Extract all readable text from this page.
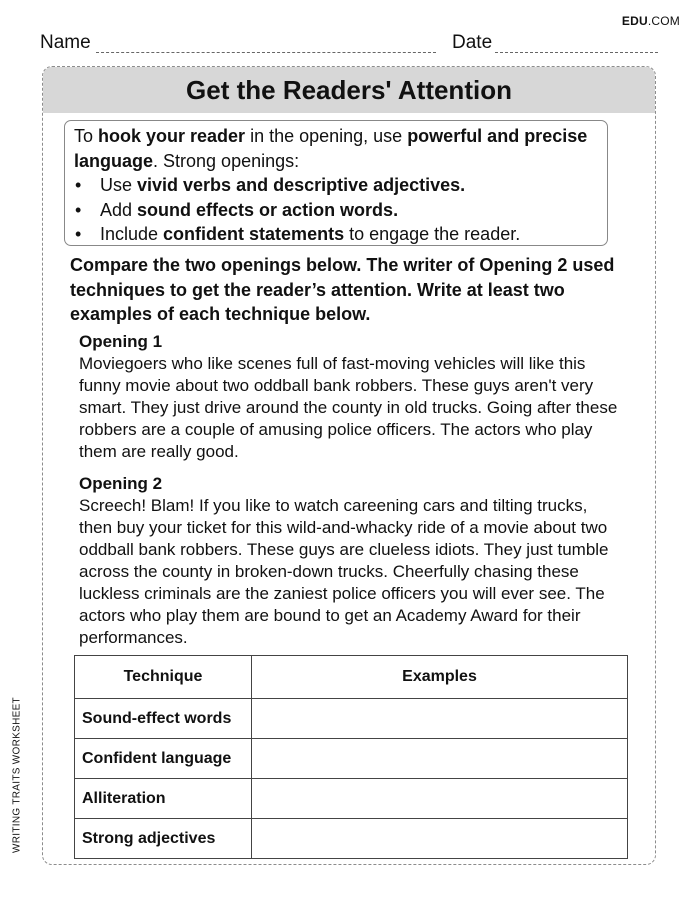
EDU.COM
Name	Date
Get the Readers' Attention
To hook your reader in the opening, use powerful and precise language. Strong openings:
• Use vivid verbs and descriptive adjectives.
• Add sound effects or action words.
• Include confident statements to engage the reader.
Compare the two openings below. The writer of Opening 2 used techniques to get the reader’s attention. Write at least two examples of each technique below.
Opening 1
Moviegoers who like scenes full of fast-moving vehicles will like this funny movie about two oddball bank robbers. These guys aren't very smart. They just drive around the county in old trucks. Going after these robbers are a couple of amusing police officers. The actors who play them are really good.
Opening 2
Screech! Blam! If you like to watch careening cars and tilting trucks, then buy your ticket for this wild-and-whacky ride of a movie about two oddball bank robbers. These guys are clueless idiots. They just tumble across the county in broken-down trucks. Cheerfully chasing these luckless criminals are the zaniest police officers you will ever see. The actors who play them are bound to get an Academy Award for their performances.
Technique	Examples
Sound-effect words	
Confident language	
Alliteration	
Strong adjectives	
WRITING TRAITS WORKSHEET
